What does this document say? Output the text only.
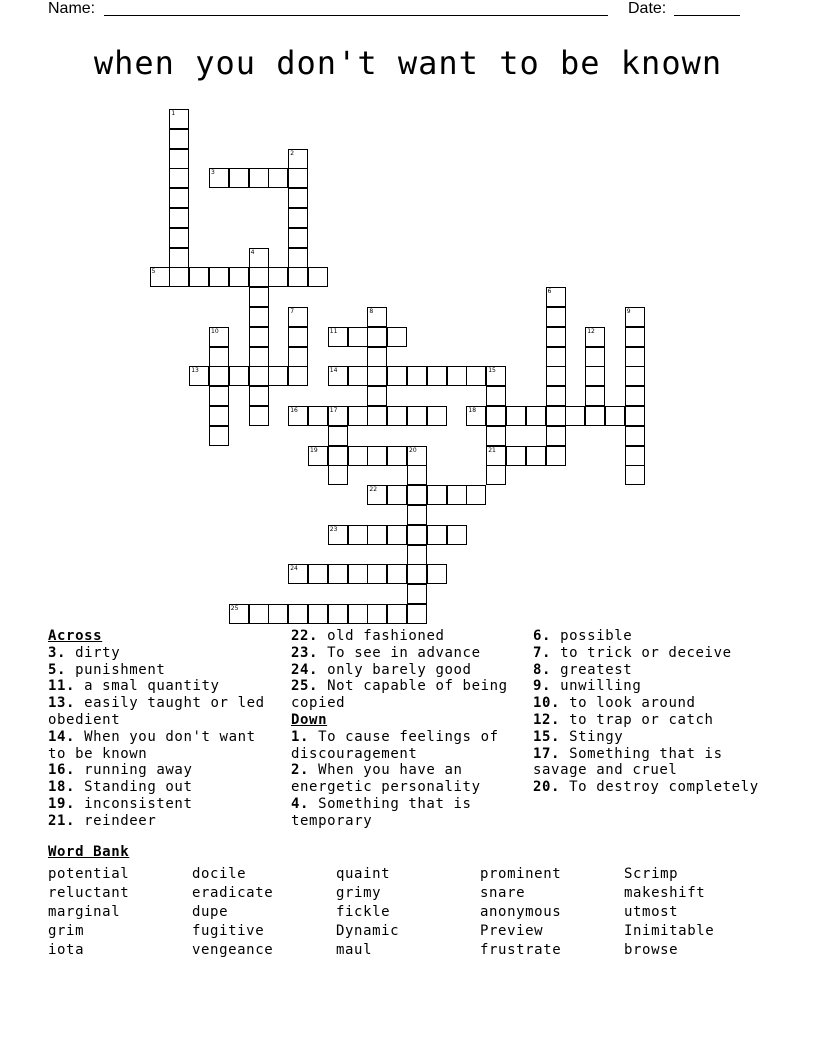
Name:	Date:
when you don't want to be known
1
2
3
4
5
6
7	8	9
10	11	12
13	14	15
21
16	17	18
19	20
22
23
24
25
Across
3. dirty
5. punishment
11. a smal quantity
13. easily taught or led obedient
14. When you don't want to be known
16. running away
18. Standing out
19. inconsistent
21. reindeer
22. old fashioned
23. To see in advance
24. only barely good
25. Not capable of being copied
Down
1. To cause feelings of discouragement
2. When you have an energetic personality
4. Something that is temporary
6. possible
7. to trick or deceive
8. greatest
9. unwilling
10. to look around
12. to trap or catch
15. Stingy
17. Something that is savage and cruel
20. To destroy completely
Word Bank
potential	docile	quaint	prominent	Scrimp
reluctant	eradicate	grimy	snare	makeshift
marginal	dupe	fickle	anonymous	utmost
grim	fugitive	Dynamic	Preview	Inimitable
iota	vengeance	maul	frustrate	browse
